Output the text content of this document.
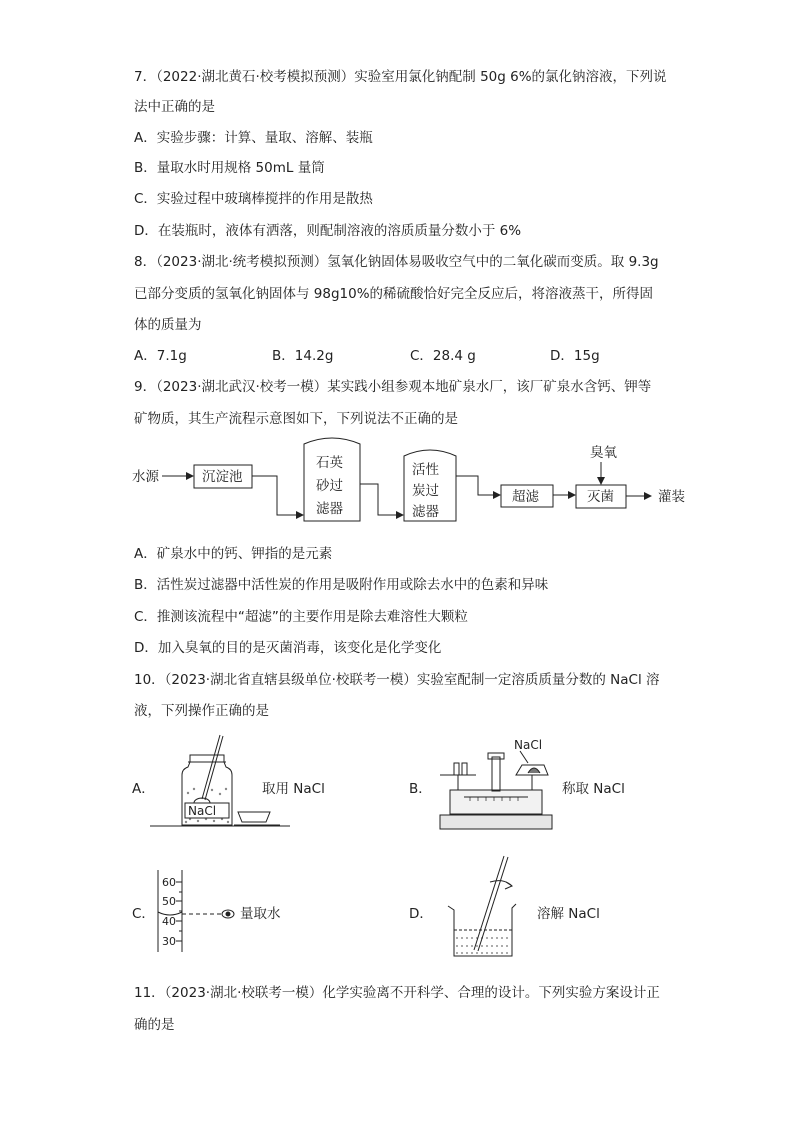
7．（2022·湖北黄石·校考模拟预测）实验室用氯化钠配制 50g 6%的氯化钠溶液，下列说
法中正确的是
A．实验步骤：计算、量取、溶解、装瓶
B．量取水时用规格 50mL 量筒
C．实验过程中玻璃棒搅拌的作用是散热
D．在装瓶时，液体有洒落，则配制溶液的溶质质量分数小于 6%
8．（2023·湖北·统考模拟预测）氢氧化钠固体易吸收空气中的二氧化碳而变质。取 9.3g
已部分变质的氢氧化钠固体与 98g10%的稀硫酸恰好完全反应后，将溶液蒸干，所得固
体的质量为
A．7.1g	B．14.2g	C．28.4 g	D．15g
9．（2023·湖北武汉·校考一模）某实践小组参观本地矿泉水厂，该厂矿泉水含钙、钾等
矿物质，其生产流程示意图如下，下列说法不正确的是
水源	沉淀池
石英
砂过
滤器
活性
炭过
滤器
超滤	灭菌
臭氧
灌装
A．矿泉水中的钙、钾指的是元素
B．活性炭过滤器中活性炭的作用是吸附作用或除去水中的色素和异味
C．推测该流程中“超滤”的主要作用是除去难溶性大颗粒
D．加入臭氧的目的是灭菌消毒，该变化是化学变化
10．（2023·湖北省直辖县级单位·校联考一模）实验室配制一定溶质质量分数的 NaCl 溶
液，下列操作正确的是
A．
NaCl
取用 NaCl	B．
NaCl
称取 NaCl
C．
60
50
40
30
量取水	D．	溶解 NaCl
11．（2023·湖北·校联考一模）化学实验离不开科学、合理的设计。下列实验方案设计正
确的是
